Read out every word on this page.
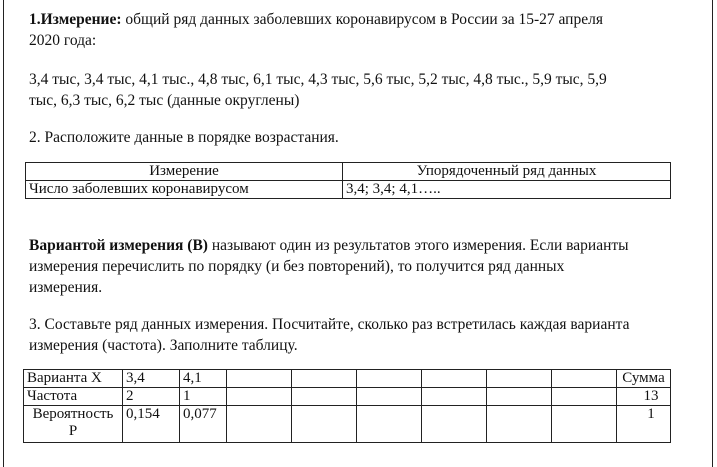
1.Измерение: общий ряд данных заболевших коронавирусом в России за 15-27 апреля
2020 года:

3,4 тыс, 3,4 тыс, 4,1 тыс., 4,8 тыс, 6,1 тыс, 4,3 тыс, 5,6 тыс, 5,2 тыс, 4,8 тыс., 5,9 тыс, 5,9
тыс, 6,3 тыс, 6,2 тыс (данные округлены)

2. Расположите данные в порядке возрастания.

Измерение	Упорядоченный ряд данных
Число заболевших коронавирусом	3,4; 3,4; 4,1…..

Вариантой измерения (В) называют один из результатов этого измерения. Если варианты
измерения перечислить по порядку (и без повторений), то получится ряд данных
измерения.

3. Составьте ряд данных измерения. Посчитайте, сколько раз встретилась каждая варианта
измерения (частота). Заполните таблицу.

Варианта X	3,4	4,1							Сумма
Частота	2	1							13
Вероятность
P	0,154	0,077							1
